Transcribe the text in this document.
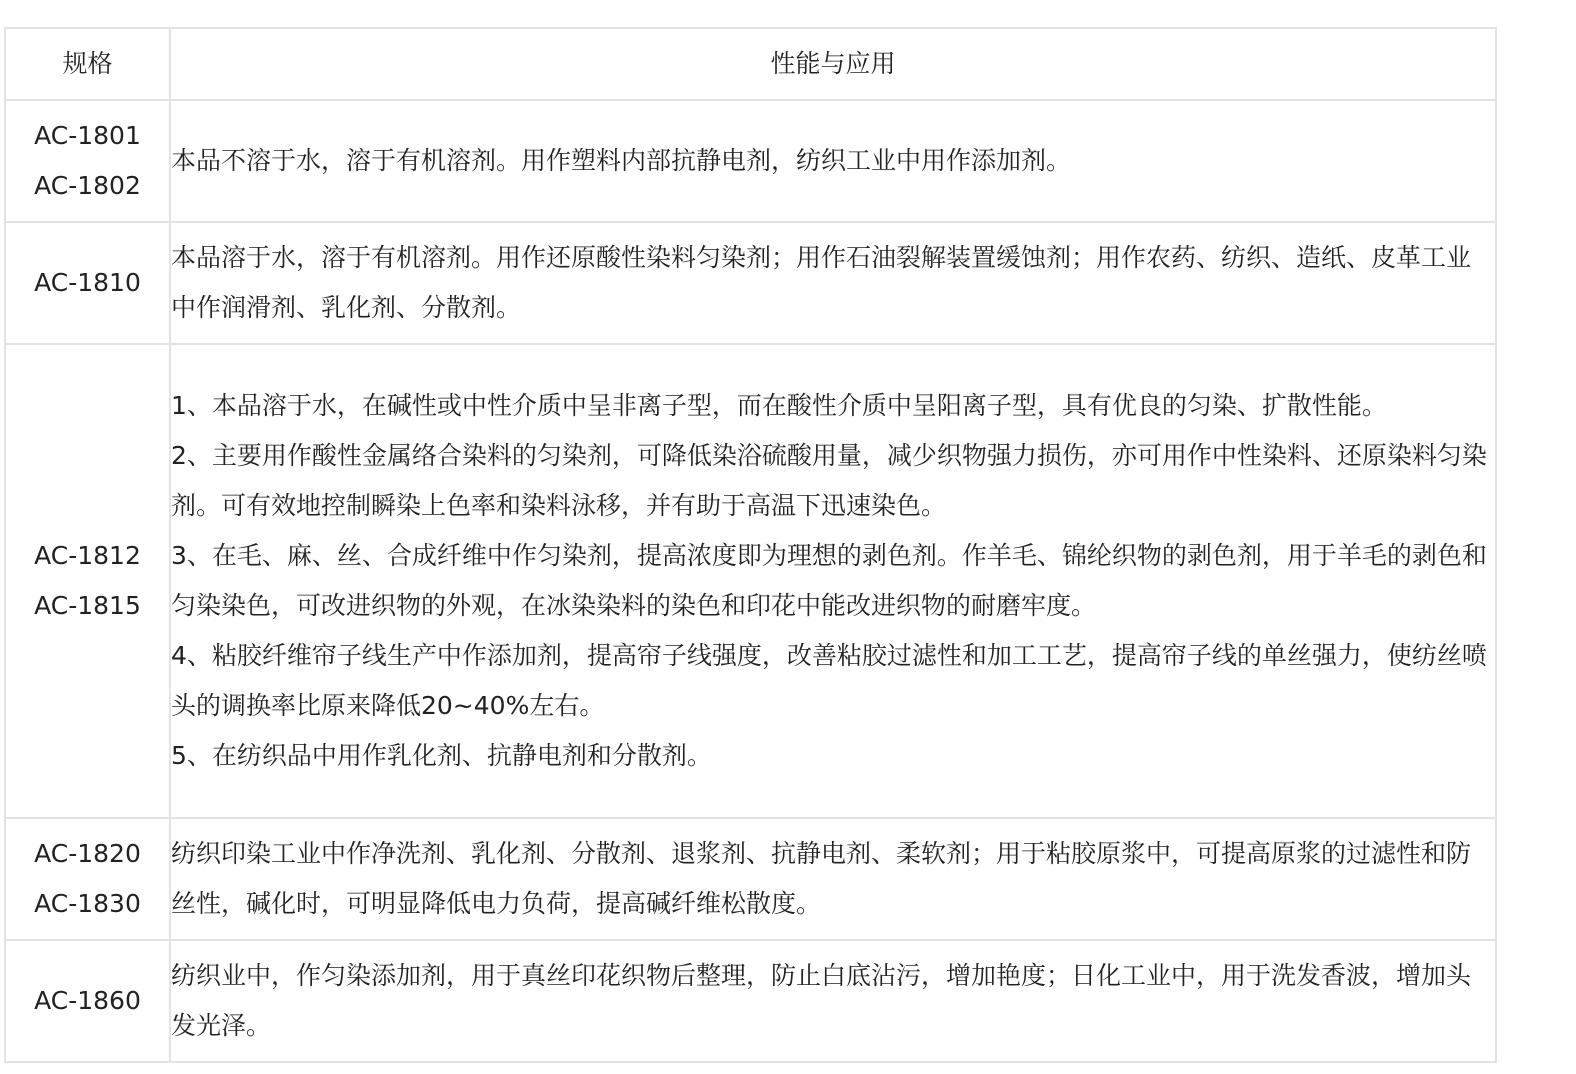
规格	性能与应用

AC-1801
AC-1802	本品不溶于水，溶于有机溶剂。用作塑料内部抗静电剂，纺织工业中用作添加剂。

AC-1810	本品溶于水，溶于有机溶剂。用作还原酸性染料匀染剂；用作石油裂解装置缓蚀剂；用作农药、纺织、造纸、皮革工业中作润滑剂、乳化剂、分散剂。

AC-1812
AC-1815	1、本品溶于水，在碱性或中性介质中呈非离子型，而在酸性介质中呈阳离子型，具有优良的匀染、扩散性能。
2、主要用作酸性金属络合染料的匀染剂，可降低染浴硫酸用量，减少织物强力损伤，亦可用作中性染料、还原染料匀染剂。可有效地控制瞬染上色率和染料泳移，并有助于高温下迅速染色。
3、在毛、麻、丝、合成纤维中作匀染剂，提高浓度即为理想的剥色剂。作羊毛、锦纶织物的剥色剂，用于羊毛的剥色和匀染染色，可改进织物的外观，在冰染染料的染色和印花中能改进织物的耐磨牢度。
4、粘胶纤维帘子线生产中作添加剂，提高帘子线强度，改善粘胶过滤性和加工工艺，提高帘子线的单丝强力，使纺丝喷头的调换率比原来降低20~40%左右。
5、在纺织品中用作乳化剂、抗静电剂和分散剂。

AC-1820
AC-1830	纺织印染工业中作净洗剂、乳化剂、分散剂、退浆剂、抗静电剂、柔软剂；用于粘胶原浆中，可提高原浆的过滤性和防丝性，碱化时，可明显降低电力负荷，提高碱纤维松散度。

AC-1860	纺织业中，作匀染添加剂，用于真丝印花织物后整理，防止白底沾污，增加艳度；日化工业中，用于洗发香波，增加头发光泽。
